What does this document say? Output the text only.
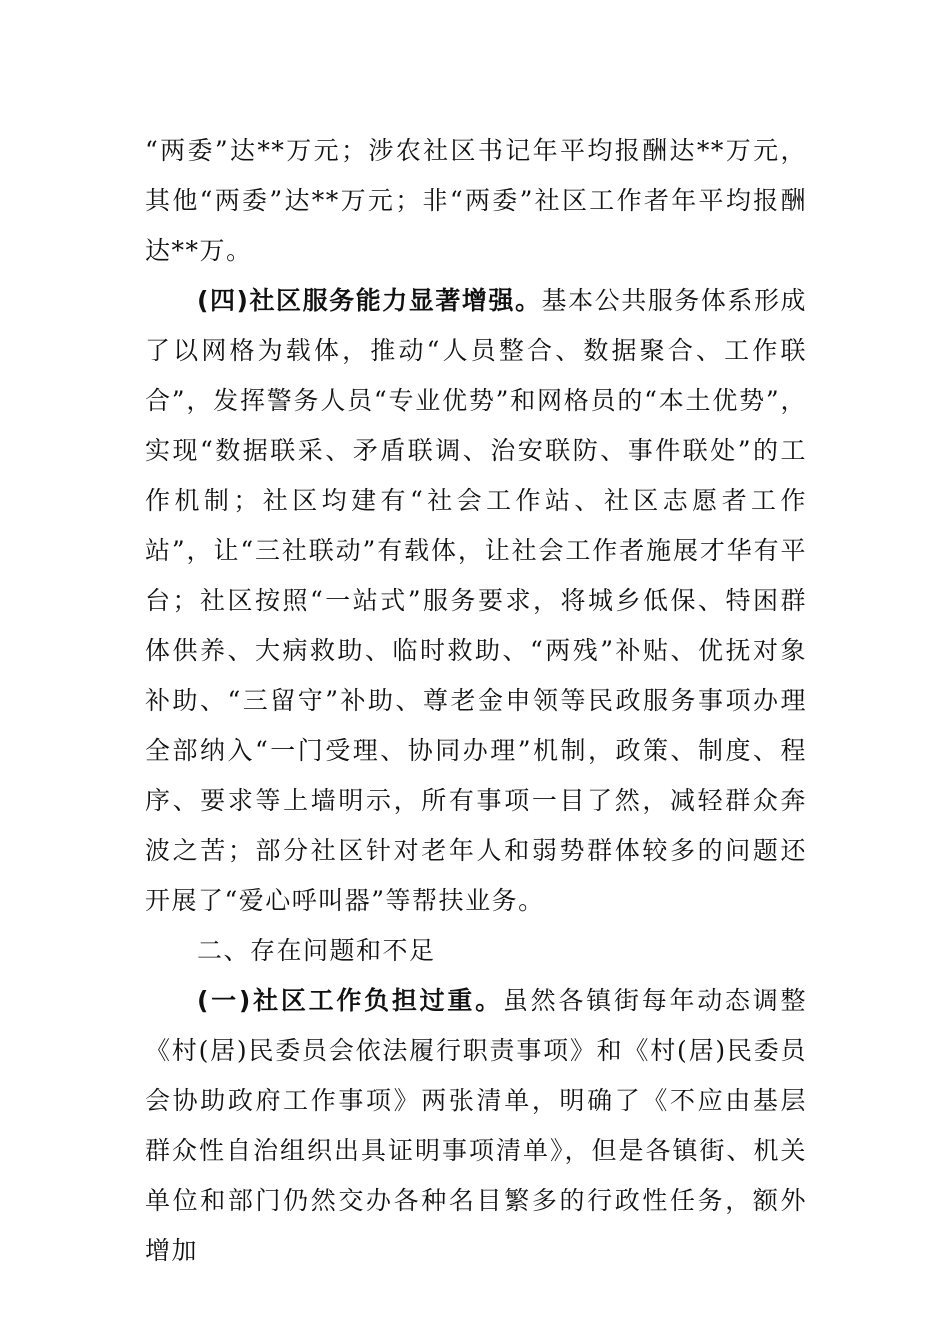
“两委”达**万元；涉农社区书记年平均报酬达**万元，其他“两委”达**万元；非“两委”社区工作者年平均报酬达**万。

(四)社区服务能力显著增强。基本公共服务体系形成了以网格为载体，推动“人员整合、数据聚合、工作联合”，发挥警务人员“专业优势”和网格员的“本土优势”，实现“数据联采、矛盾联调、治安联防、事件联处”的工作机制；社区均建有“社会工作站、社区志愿者工作站”，让“三社联动”有载体，让社会工作者施展才华有平台；社区按照“一站式”服务要求，将城乡低保、特困群体供养、大病救助、临时救助、“两残”补贴、优抚对象补助、“三留守”补助、尊老金申领等民政服务事项办理全部纳入“一门受理、协同办理”机制，政策、制度、程序、要求等上墙明示，所有事项一目了然，减轻群众奔波之苦；部分社区针对老年人和弱势群体较多的问题还开展了“爱心呼叫器”等帮扶业务。

二、存在问题和不足

(一)社区工作负担过重。虽然各镇街每年动态调整《村(居)民委员会依法履行职责事项》和《村(居)民委员会协助政府工作事项》两张清单，明确了《不应由基层群众性自治组织出具证明事项清单》，但是各镇街、机关单位和部门仍然交办各种名目繁多的行政性任务，额外增加
